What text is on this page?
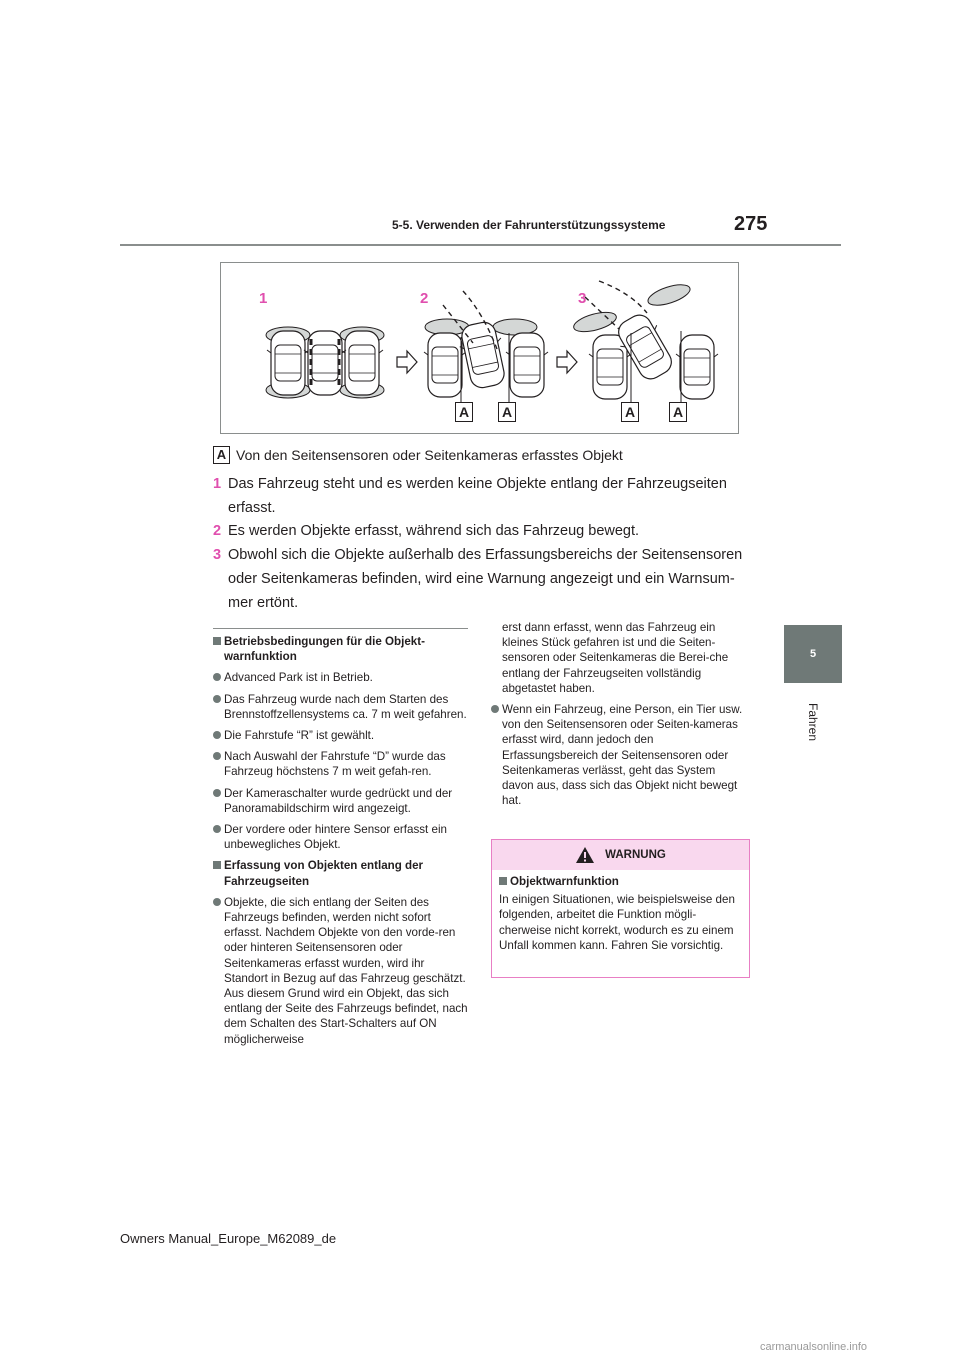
5-5. Verwenden der Fahrunterstützungssysteme	275
5
Fahren
1	2	3
A A	A	A
A Von den Seitensensoren oder Seitenkameras erfasstes Objekt
1 Das Fahrzeug steht und es werden keine Objekte entlang der Fahrzeugseiten
erfasst.
2 Es werden Objekte erfasst, während sich das Fahrzeug bewegt.
3 Obwohl sich die Objekte außerhalb des Erfassungsbereichs der Seitensensoren
oder Seitenkameras befinden, wird eine Warnung angezeigt und ein Warnsum-
mer ertönt.
Betriebsbedingungen für die Objekt-warnfunktion
Advanced Park ist in Betrieb.
Das Fahrzeug wurde nach dem Starten des Brennstoffzellensystems ca. 7 m weit gefahren.
Die Fahrstufe “R” ist gewählt.
Nach Auswahl der Fahrstufe “D” wurde das Fahrzeug höchstens 7 m weit gefah-ren.
Der Kameraschalter wurde gedrückt und der Panoramabildschirm wird angezeigt.
Der vordere oder hintere Sensor erfasst ein unbewegliches Objekt.
Erfassung von Objekten entlang der Fahrzeugseiten
Objekte, die sich entlang der Seiten des Fahrzeugs befinden, werden nicht sofort erfasst. Nachdem Objekte von den vorde-ren oder hinteren Seitensensoren oder Seitenkameras erfasst wurden, wird ihr Standort in Bezug auf das Fahrzeug geschätzt. Aus diesem Grund wird ein Objekt, das sich entlang der Seite des Fahrzeugs befindet, nach dem Schalten des Start-Schalters auf ON möglicherweise
erst dann erfasst, wenn das Fahrzeug ein kleines Stück gefahren ist und die Seiten-sensoren oder Seitenkameras die Berei-che entlang der Fahrzeugseiten vollständig abgetastet haben.
Wenn ein Fahrzeug, eine Person, ein Tier usw. von den Seitensensoren oder Seiten-kameras erfasst wird, dann jedoch den Erfassungsbereich der Seitensensoren oder Seitenkameras verlässt, geht das System davon aus, dass sich das Objekt nicht bewegt hat.
WARNUNG
Objektwarnfunktion
In einigen Situationen, wie beispielsweise den folgenden, arbeitet die Funktion mögli-cherweise nicht korrekt, wodurch es zu einem Unfall kommen kann. Fahren Sie vorsichtig.
Owners Manual_Europe_M62089_de
carmanualsonline.info
